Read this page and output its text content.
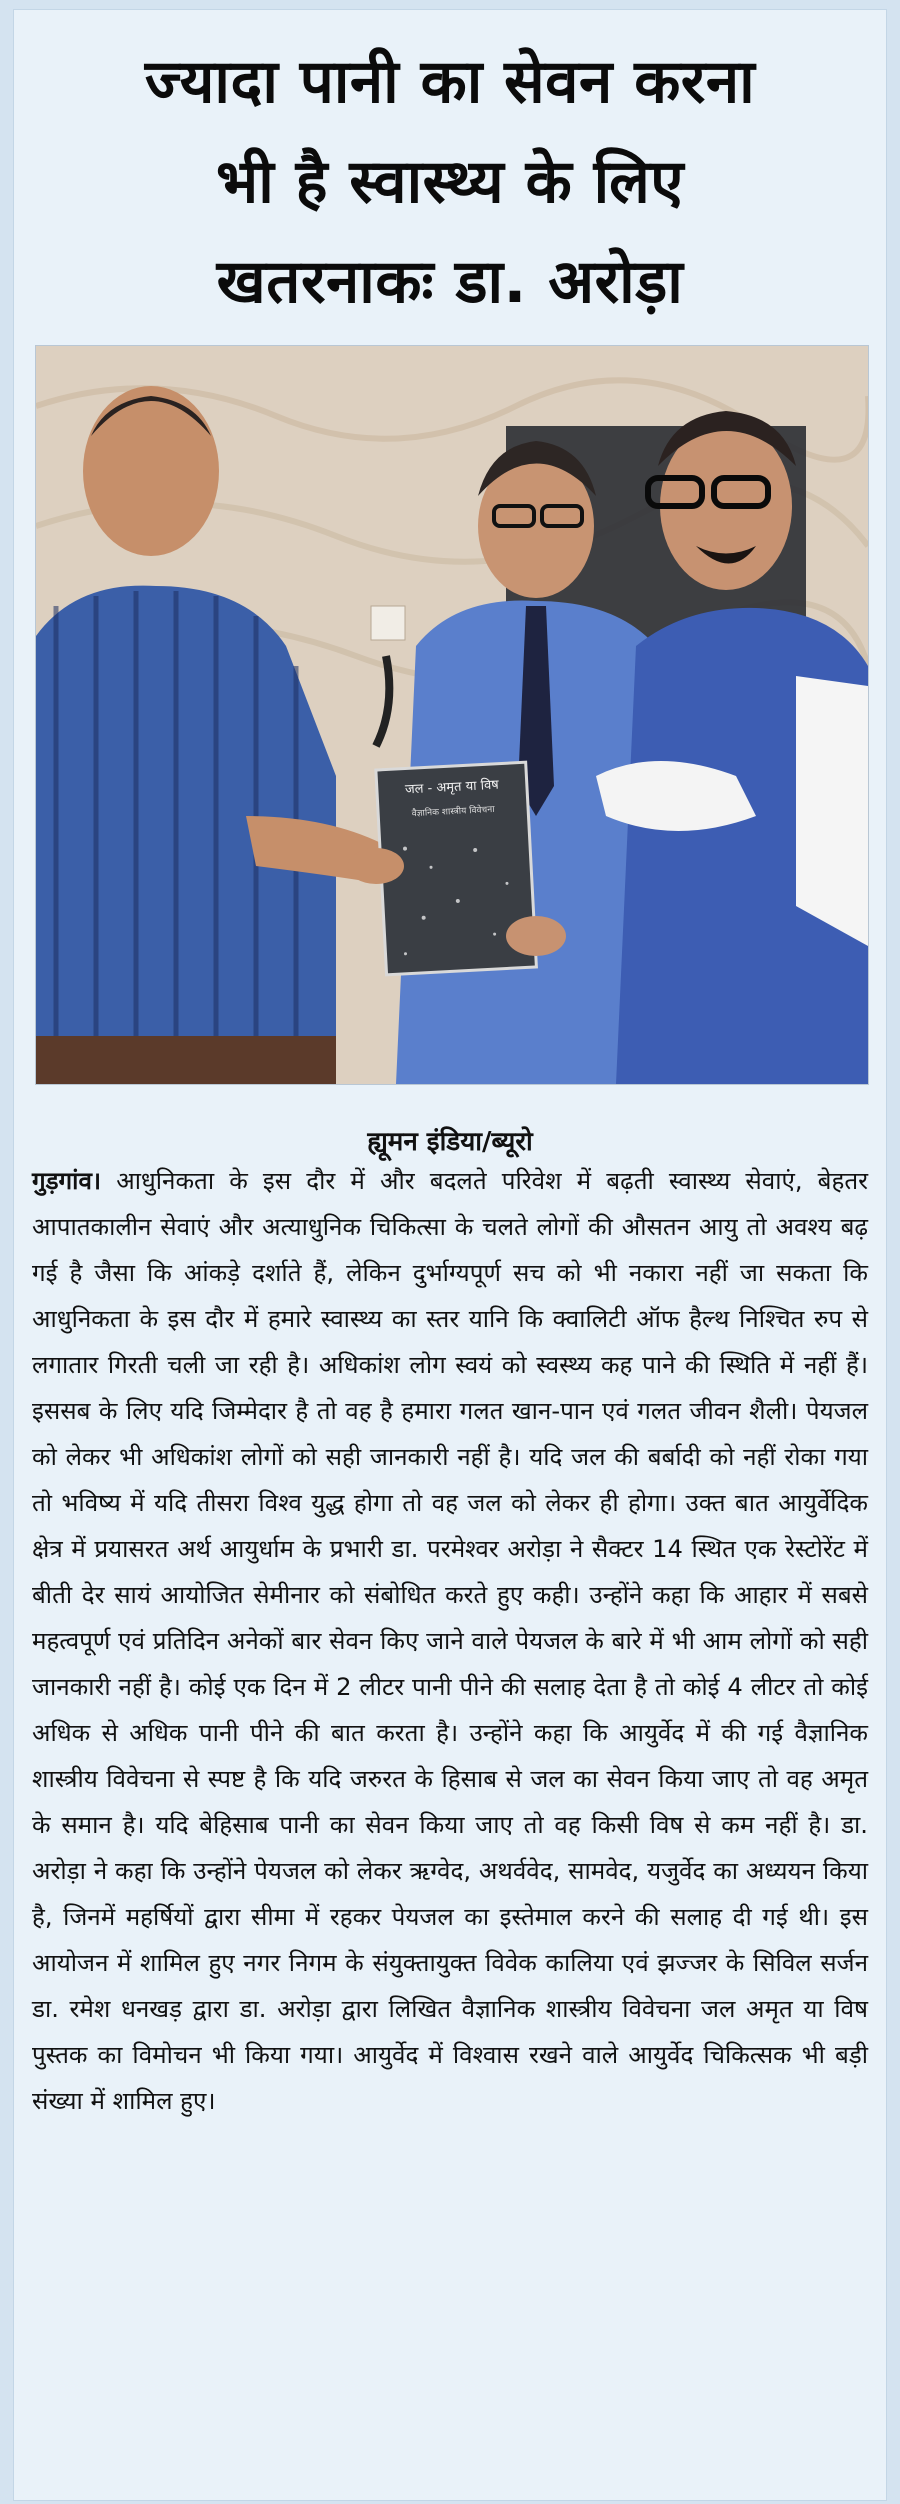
ज्यादा पानी का सेवन करना
भी है स्वास्थ्य के लिए
खतरनाकः डा. अरोड़ा
जल - अमृत या विष
वैज्ञानिक शास्त्रीय विवेचना

ह्यूमन इंडिया/ब्यूरो

गुड़गांव। आधुनिकता के इस दौर में और बदलते परिवेश में बढ़ती स्वास्थ्य सेवाएं, बेहतर आपातकालीन सेवाएं और अत्याधुनिक चिकित्सा के चलते लोगों की औसतन आयु तो अवश्य बढ़ गई है जैसा कि आंकड़े दर्शाते हैं, लेकिन दुर्भाग्यपूर्ण सच को भी नकारा नहीं जा सकता कि आधुनिकता के इस दौर में हमारे स्वास्थ्य का स्तर यानि कि क्वालिटी ऑफ हैल्थ निश्चित रुप से लगातार गिरती चली जा रही है। अधिकांश लोग स्वयं को स्वस्थ्य कह पाने की स्थिति में नहीं हैं। इससब के लिए यदि जिम्मेदार है तो वह है हमारा गलत खान-पान एवं गलत जीवन शैली। पेयजल को लेकर भी अधिकांश लोगों को सही जानकारी नहीं है। यदि जल की बर्बादी को नहीं रोका गया तो भविष्य में यदि तीसरा विश्व युद्ध होगा तो वह जल को लेकर ही होगा। उक्त बात आयुर्वेदिक क्षेत्र में प्रयासरत अर्थ आयुर्धाम के प्रभारी डा. परमेश्वर अरोड़ा ने सैक्टर 14 स्थित एक रेस्टोरेंट में बीती देर सायं आयोजित सेमीनार को संबोधित करते हुए कही। उन्होंने कहा कि आहार में सबसे महत्वपूर्ण एवं प्रतिदिन अनेकों बार सेवन किए जाने वाले पेयजल के बारे में भी आम लोगों को सही जानकारी नहीं है। कोई एक दिन में 2 लीटर पानी पीने की सलाह देता है तो कोई 4 लीटर तो कोई अधिक से अधिक पानी पीने की बात करता है। उन्होंने कहा कि आयुर्वेद में की गई वैज्ञानिक शास्त्रीय विवेचना से स्पष्ट है कि यदि जरुरत के हिसाब से जल का सेवन किया जाए तो वह अमृत के समान है। यदि बेहिसाब पानी का सेवन किया जाए तो वह किसी विष से कम नहीं है। डा. अरोड़ा ने कहा कि उन्होंने पेयजल को लेकर ऋग्वेद, अथर्ववेद, सामवेद, यजुर्वेद का अध्ययन किया है, जिनमें महर्षियों द्वारा सीमा में रहकर पेयजल का इस्तेमाल करने की सलाह दी गई थी। इस आयोजन में शामिल हुए नगर निगम के संयुक्तायुक्त विवेक कालिया एवं झज्जर के सिविल सर्जन डा. रमेश धनखड़ द्वारा डा. अरोड़ा द्वारा लिखित वैज्ञानिक शास्त्रीय विवेचना जल अमृत या विष पुस्तक का विमोचन भी किया गया। आयुर्वेद में विश्वास रखने वाले आयुर्वेद चिकित्सक भी बड़ी संख्या में शामिल हुए।
